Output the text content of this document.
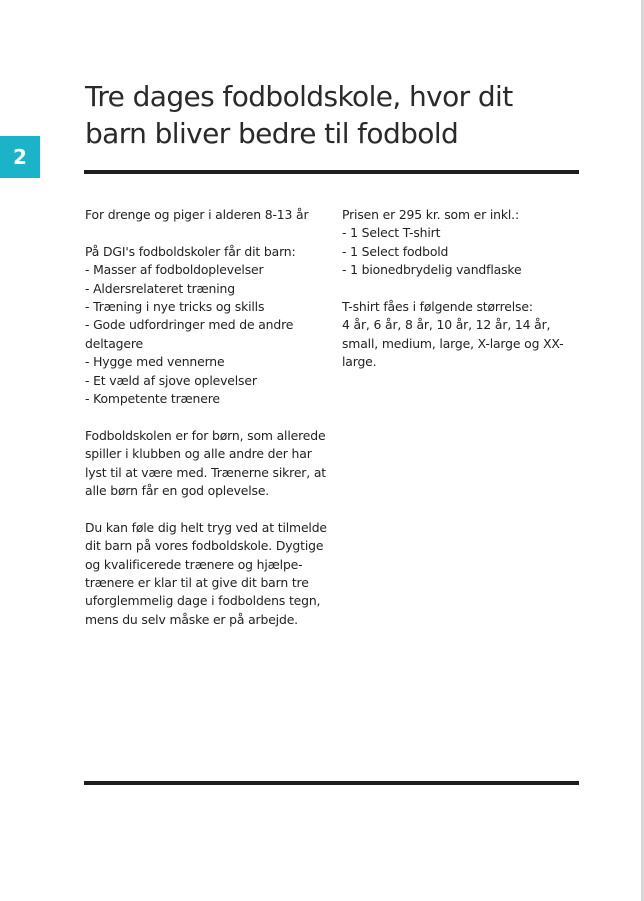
2
Tre dages fodboldskole, hvor dit barn bliver bedre til fodbold

For drenge og piger i alderen 8-13 år

På DGI's fodboldskoler får dit barn:
- Masser af fodboldoplevelser
- Aldersrelateret træning
- Træning i nye tricks og skills
- Gode udfordringer med de andre deltagere
- Hygge med vennerne
- Et væld af sjove oplevelser
- Kompetente trænere

Fodboldskolen er for børn, som allerede spiller i klubben og alle andre der har lyst til at være med. Trænerne sikrer, at alle børn får en god oplevelse.

Du kan føle dig helt tryg ved at tilmelde dit barn på vores fodboldskole. Dygtige og kvalificerede trænere og hjælpe-trænere er klar til at give dit barn tre uforglemmelig dage i fodboldens tegn, mens du selv måske er på arbejde.

Prisen er 295 kr. som er inkl.:
- 1 Select T-shirt
- 1 Select fodbold
- 1 bionedbrydelig vandflaske
T-shirt fåes i følgende størrelse:

4 år, 6 år, 8 år, 10 år, 12 år, 14 år, small, medium, large, X-large og XX-large.
